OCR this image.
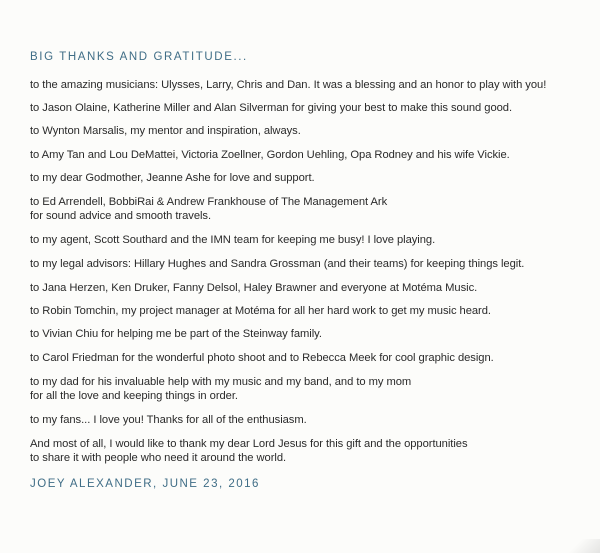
BIG THANKS AND GRATITUDE...
to the amazing musicians: Ulysses, Larry, Chris and Dan. It was a blessing and an honor to play with you!
to Jason Olaine, Katherine Miller and Alan Silverman for giving your best to make this sound good.
to Wynton Marsalis, my mentor and inspiration, always.
to Amy Tan and Lou DeMattei, Victoria Zoellner, Gordon Uehling, Opa Rodney and his wife Vickie.
to my dear Godmother, Jeanne Ashe for love and support.
to Ed Arrendell, BobbiRai & Andrew Frankhouse of The Management Ark
for sound advice and smooth travels.
to my agent, Scott Southard and the IMN team for keeping me busy! I love playing.
to my legal advisors: Hillary Hughes and Sandra Grossman (and their teams) for keeping things legit.
to Jana Herzen, Ken Druker, Fanny Delsol, Haley Brawner and everyone at Motéma Music.
to Robin Tomchin, my project manager at Motéma for all her hard work to get my music heard.
to Vivian Chiu for helping me be part of the Steinway family.
to Carol Friedman for the wonderful photo shoot and to Rebecca Meek for cool graphic design.
to my dad for his invaluable help with my music and my band, and to my mom
for all the love and keeping things in order.
to my fans... I love you! Thanks for all of the enthusiasm.
And most of all, I would like to thank my dear Lord Jesus for this gift and the opportunities
to share it with people who need it around the world.
JOEY ALEXANDER, JUNE 23, 2016
